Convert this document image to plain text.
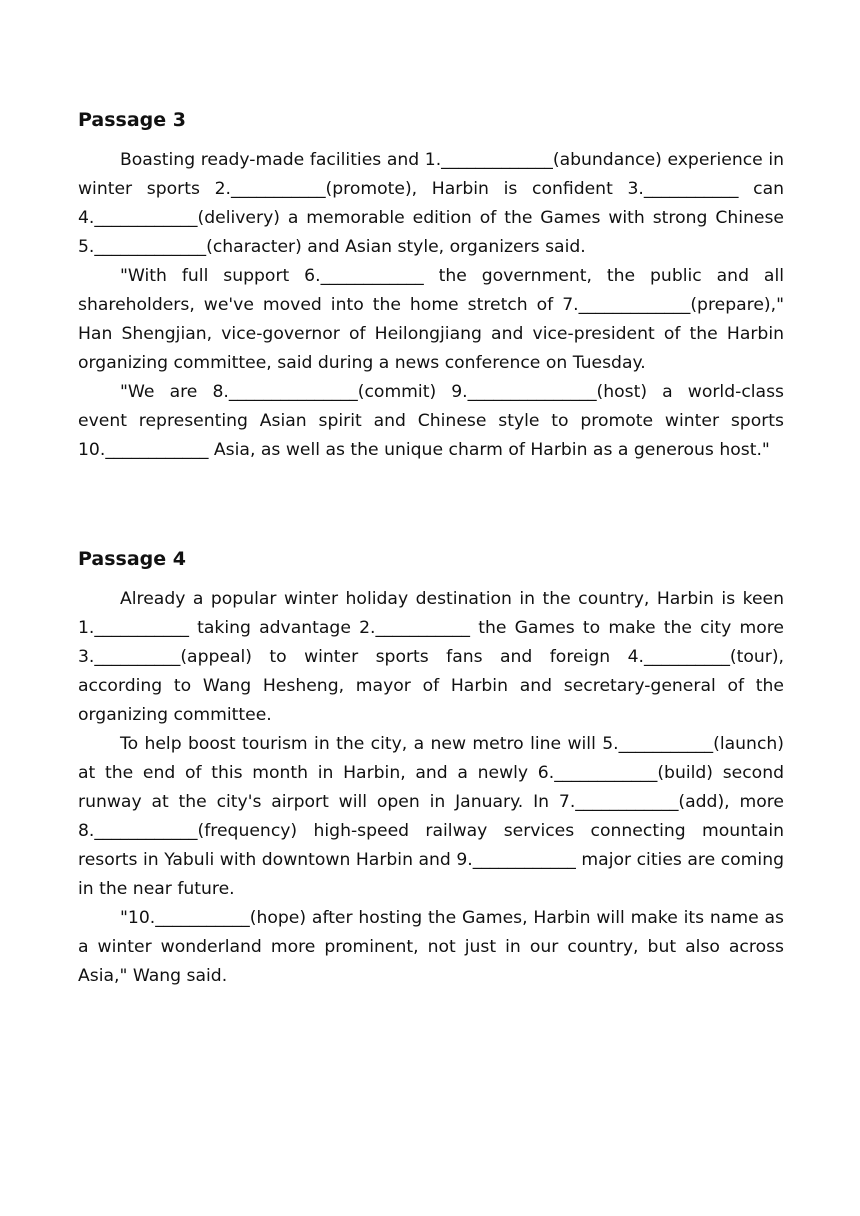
Passage 3

Boasting ready-made facilities and 1._____________(abundance) experience in winter sports 2.___________(promote), Harbin is confident 3.___________ can 4.____________(delivery) a memorable edition of the Games with strong Chinese 5._____________(character) and Asian style, organizers said.

"With full support 6.____________ the government, the public and all shareholders, we've moved into the home stretch of 7._____________(prepare)," Han Shengjian, vice-governor of Heilongjiang and vice-president of the Harbin organizing committee, said during a news conference on Tuesday.

"We are 8._______________(commit) 9._______________(host) a world-class event representing Asian spirit and Chinese style to promote winter sports 10.____________ Asia, as well as the unique charm of Harbin as a generous host."

Passage 4

Already a popular winter holiday destination in the country, Harbin is keen 1.___________ taking advantage 2.___________ the Games to make the city more 3.__________(appeal) to winter sports fans and foreign 4.__________(tour), according to Wang Hesheng, mayor of Harbin and secretary-general of the organizing committee.

To help boost tourism in the city, a new metro line will 5.___________(launch) at the end of this month in Harbin, and a newly 6.____________(build) second runway at the city's airport will open in January. In 7.____________(add), more 8.____________(frequency) high-speed railway services connecting mountain resorts in Yabuli with downtown Harbin and 9.____________ major cities are coming in the near future.

"10.___________(hope) after hosting the Games, Harbin will make its name as a winter wonderland more prominent, not just in our country, but also across Asia," Wang said.
